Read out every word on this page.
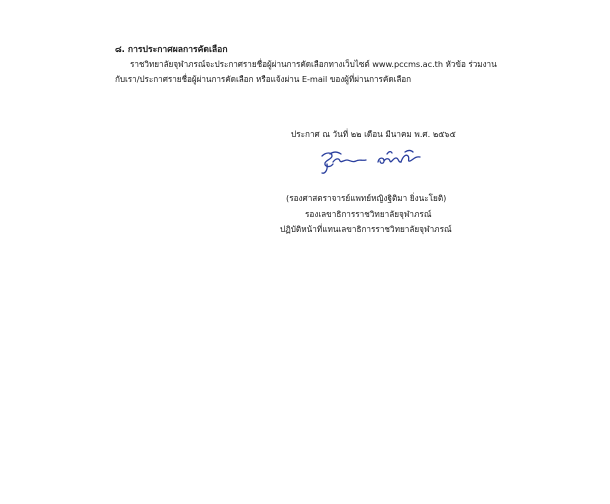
๘. การประกาศผลการคัดเลือก
ราชวิทยาลัยจุฬาภรณ์จะประกาศรายชื่อผู้ผ่านการคัดเลือกทางเว็บไซต์ www.pccms.ac.th หัวข้อ ร่วมงาน
กับเรา/ประกาศรายชื่อผู้ผ่านการคัดเลือก หรือแจ้งผ่าน E-mail ของผู้ที่ผ่านการคัดเลือก
ประกาศ ณ วันที่ ๒๒ เดือน มีนาคม พ.ศ. ๒๕๖๕
(รองศาสตราจารย์แพทย์หญิงฐิติมา ยิ่งนะโยติ)
รองเลขาธิการราชวิทยาลัยจุฬาภรณ์
ปฏิบัติหน้าที่แทนเลขาธิการราชวิทยาลัยจุฬาภรณ์
